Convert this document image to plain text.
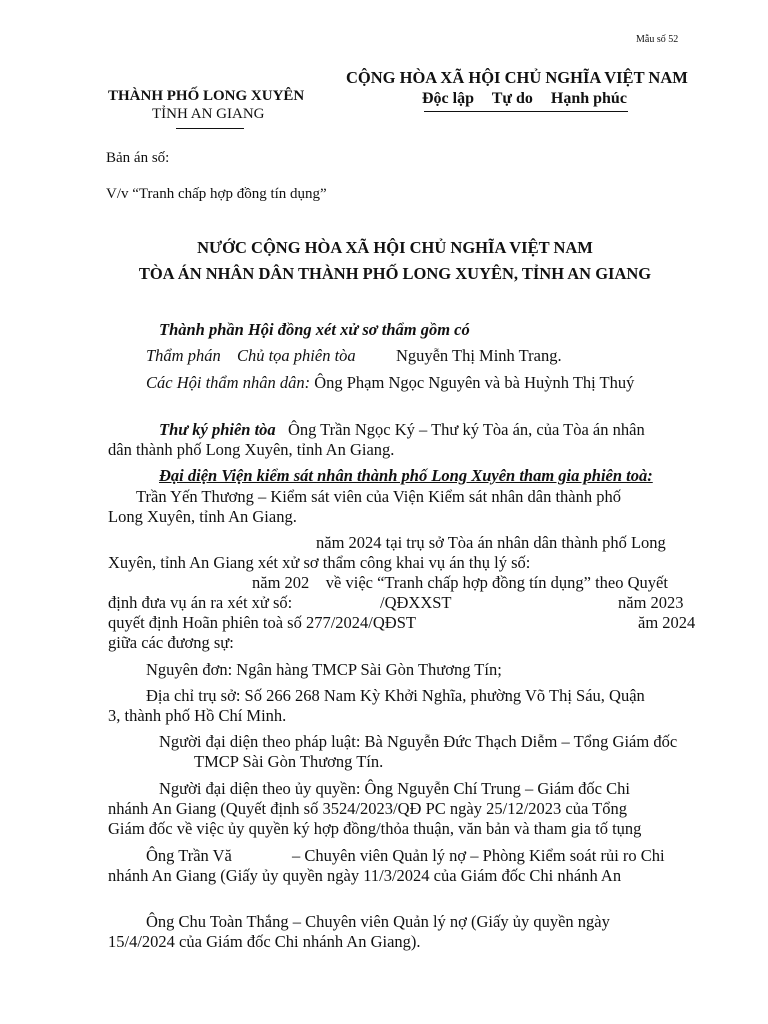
Mẫu số 52
THÀNH PHỐ LONG XUYÊN
TỈNH AN GIANG
CỘNG HÒA XÃ HỘI CHỦ NGHĨA VIỆT NAM
Độc lập Tự do Hạnh phúc
Bản án số:
V/v “Tranh chấp hợp đồng tín dụng”
NƯỚC CỘNG HÒA XÃ HỘI CHỦ NGHĨA VIỆT NAM
TÒA ÁN NHÂN DÂN THÀNH PHỐ LONG XUYÊN, TỈNH AN GIANG
Thành phần Hội đồng xét xử sơ thẩm gồm có
Thẩm phán Chủ tọa phiên tòa Nguyễn Thị Minh Trang.
Các Hội thẩm nhân dân: Ông Phạm Ngọc Nguyên và bà Huỳnh Thị Thuý
Thư ký phiên tòa Ông Trần Ngọc Ký – Thư ký Tòa án, của Tòa án nhân
dân thành phố Long Xuyên, tỉnh An Giang.
Đại diện Viện kiểm sát nhân thành phố Long Xuyên tham gia phiên toà:
Trần Yến Thương – Kiểm sát viên của Viện Kiểm sát nhân dân thành phố
Long Xuyên, tỉnh An Giang.
năm 2024 tại trụ sở Tòa án nhân dân thành phố Long
Xuyên, tỉnh An Giang xét xử sơ thẩm công khai vụ án thụ lý số:
năm 202    về việc “Tranh chấp hợp đồng tín dụng” theo Quyết
định đưa vụ án ra xét xử số:	/QĐXXST	năm 2023
quyết định Hoãn phiên toà số 277/2024/QĐST	ăm 2024
giữa các đương sự:
Nguyên đơn: Ngân hàng TMCP Sài Gòn Thương Tín;
Địa chỉ trụ sở: Số 266 268 Nam Kỳ Khởi Nghĩa, phường Võ Thị Sáu, Quận
3, thành phố Hồ Chí Minh.
Người đại diện theo pháp luật: Bà Nguyễn Đức Thạch Diễm – Tổng Giám đốc
TMCP Sài Gòn Thương Tín.
Người đại diện theo ủy quyền: Ông Nguyễn Chí Trung – Giám đốc Chi
nhánh An Giang (Quyết định số 3524/2023/QĐ PC ngày 25/12/2023 của Tổng
Giám đốc về việc ủy quyền ký hợp đồng/thỏa thuận, văn bản và tham gia tố tụng
Ông Trần Vă	– Chuyên viên Quản lý nợ – Phòng Kiểm soát rủi ro Chi
nhánh An Giang (Giấy ủy quyền ngày 11/3/2024 của Giám đốc Chi nhánh An
Ông Chu Toàn Thắng – Chuyên viên Quản lý nợ (Giấy ủy quyền ngày
15/4/2024 của Giám đốc Chi nhánh An Giang).
